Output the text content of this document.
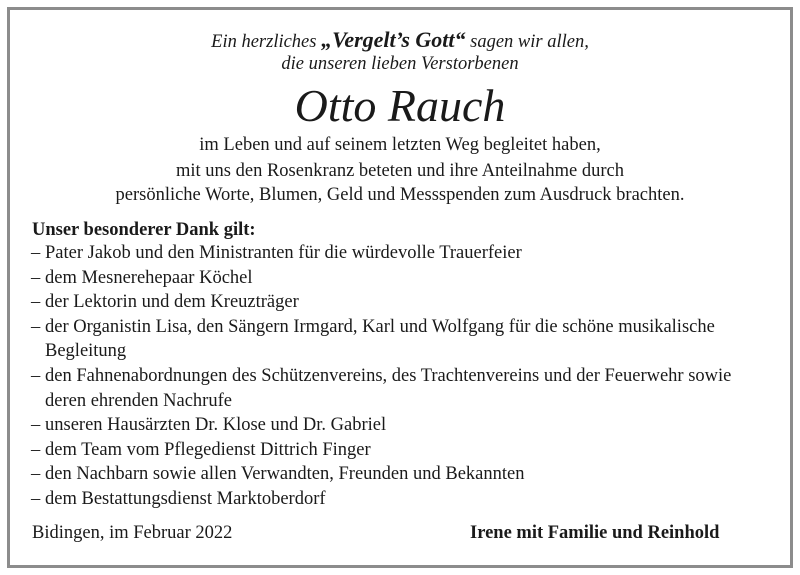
Ein herzliches „Vergelt’s Gott“ sagen wir allen,
die unseren lieben Verstorbenen
Otto Rauch
im Leben und auf seinem letzten Weg begleitet haben,
mit uns den Rosenkranz beteten und ihre Anteilnahme durch
persönliche Worte, Blumen, Geld und Messspenden zum Ausdruck brachten.
Unser besonderer Dank gilt:
– Pater Jakob und den Ministranten für die würdevolle Trauerfeier
– dem Mesnerehepaar Köchel
– der Lektorin und dem Kreuzträger
– der Organistin Lisa, den Sängern Irmgard, Karl und Wolfgang für die schöne musikalische Begleitung
– den Fahnenabordnungen des Schützenvereins, des Trachtenvereins und der Feuerwehr sowie deren ehrenden Nachrufe
– unseren Hausärzten Dr. Klose und Dr. Gabriel
– dem Team vom Pflegedienst Dittrich Finger
– den Nachbarn sowie allen Verwandten, Freunden und Bekannten
– dem Bestattungsdienst Marktoberdorf
Bidingen, im Februar 2022	Irene mit Familie und Reinhold
